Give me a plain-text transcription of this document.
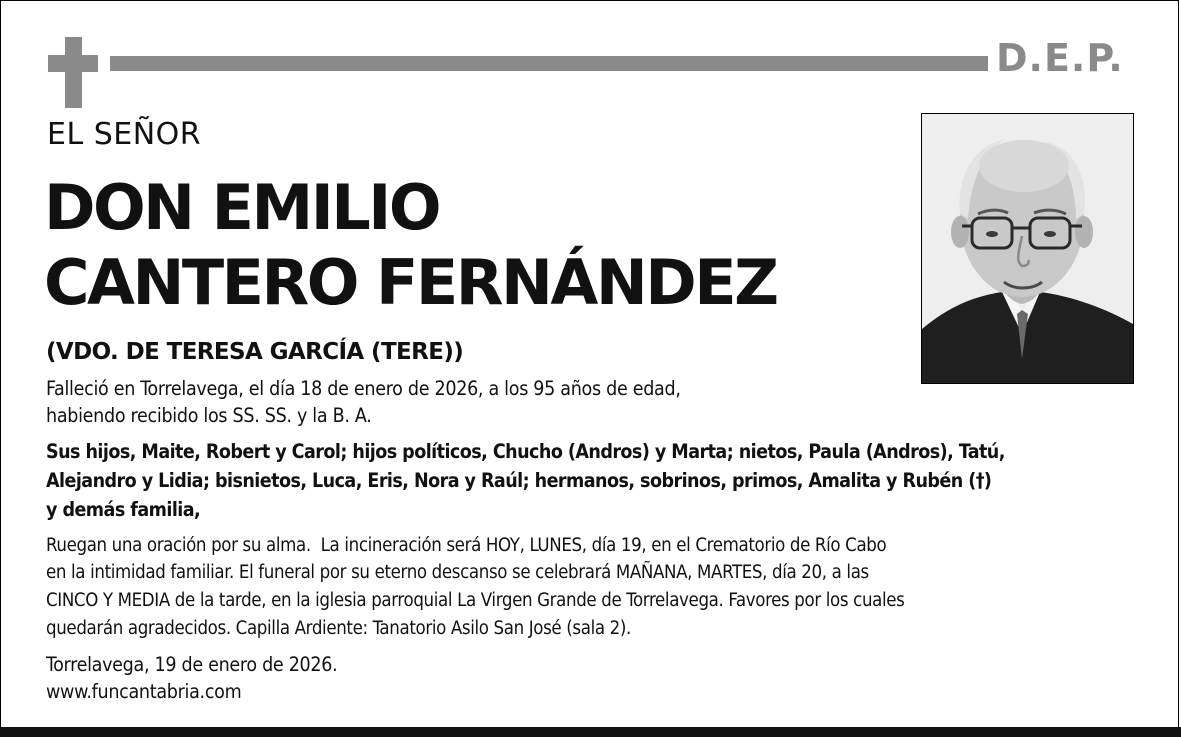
D.E.P.
EL SEÑOR
DON EMILIO
CANTERO FERNÁNDEZ
(VDO. DE TERESA GARCÍA (TERE))
Falleció en Torrelavega, el día 18 de enero de 2026, a los 95 años de edad,
habiendo recibido los SS. SS. y la B. A.
Sus hijos, Maite, Robert y Carol; hijos políticos, Chucho (Andros) y Marta; nietos, Paula (Andros), Tatú,
Alejandro y Lidia; bisnietos, Luca, Eris, Nora y Raúl; hermanos, sobrinos, primos, Amalita y Rubén (†)
y demás familia,
Ruegan una oración por su alma.  La incineración será HOY, LUNES, día 19, en el Crematorio de Río Cabo
en la intimidad familiar. El funeral por su eterno descanso se celebrará MAÑANA, MARTES, día 20, a las
CINCO Y MEDIA de la tarde, en la iglesia parroquial La Virgen Grande de Torrelavega. Favores por los cuales
quedarán agradecidos. Capilla Ardiente: Tanatorio Asilo San José (sala 2).
Torrelavega, 19 de enero de 2026.
www.funcantabria.com
